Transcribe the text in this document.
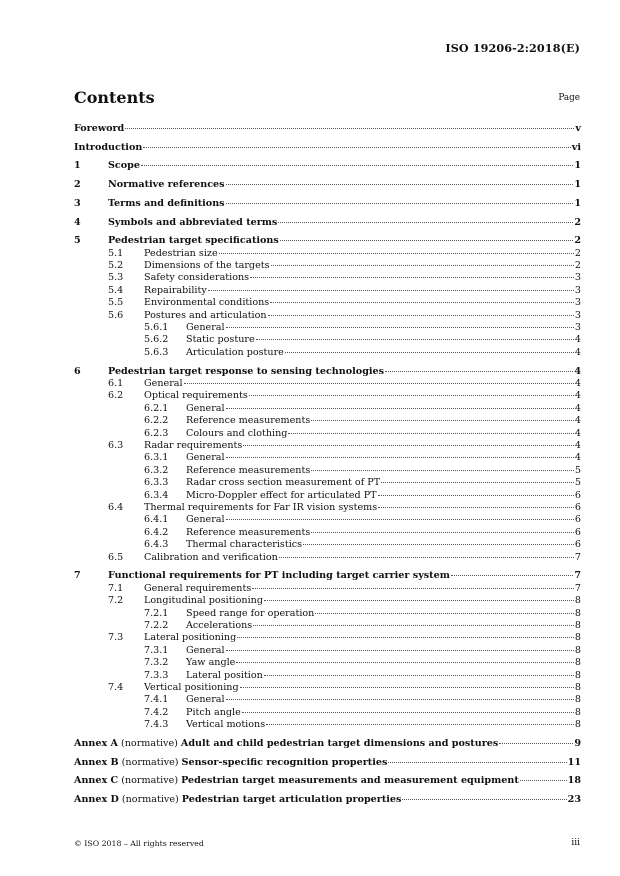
ISO 19206-2:2018(E)
Contents	Page
Foreword	v
Introduction	vi
1	Scope	1
2	Normative references	1
3	Terms and definitions	1
4	Symbols and abbreviated terms	2
5	Pedestrian target specifications	2
5.1 Pedestrian size	2
5.2 Dimensions of the targets	2
5.3 Safety considerations	3
5.4 Repairability	3
5.5 Environmental conditions	3
5.6 Postures and articulation	3
5.6.1 General	3
5.6.2 Static posture	4
5.6.3 Articulation posture	4
6	Pedestrian target response to sensing technologies	4
6.1 General	4
6.2 Optical requirements	4
6.2.1 General	4
6.2.2 Reference measurements	4
6.2.3 Colours and clothing	4
6.3 Radar requirements	4
6.3.1 General	4
6.3.2 Reference measurements	5
6.3.3 Radar cross section measurement of PT	5
6.3.4 Micro-Doppler effect for articulated PT	6
6.4 Thermal requirements for Far IR vision systems	6
6.4.1 General	6
6.4.2 Reference measurements	6
6.4.3 Thermal characteristics	6
6.5 Calibration and verification	7
7	Functional requirements for PT including target carrier system	7
7.1 General requirements	7
7.2 Longitudinal positioning	8
7.2.1 Speed range for operation	8
7.2.2 Accelerations	8
7.3 Lateral positioning	8
7.3.1 General	8
7.3.2 Yaw angle	8
7.3.3 Lateral position	8
7.4 Vertical positioning	8
7.4.1 General	8
7.4.2 Pitch angle	8
7.4.3 Vertical motions	8
Annex A (normative) Adult and child pedestrian target dimensions and postures	9
Annex B (normative) Sensor-specific recognition properties	11
Annex C (normative) Pedestrian target measurements and measurement equipment	18
Annex D (normative) Pedestrian target articulation properties	23
© ISO 2018 – All rights reserved	iii
